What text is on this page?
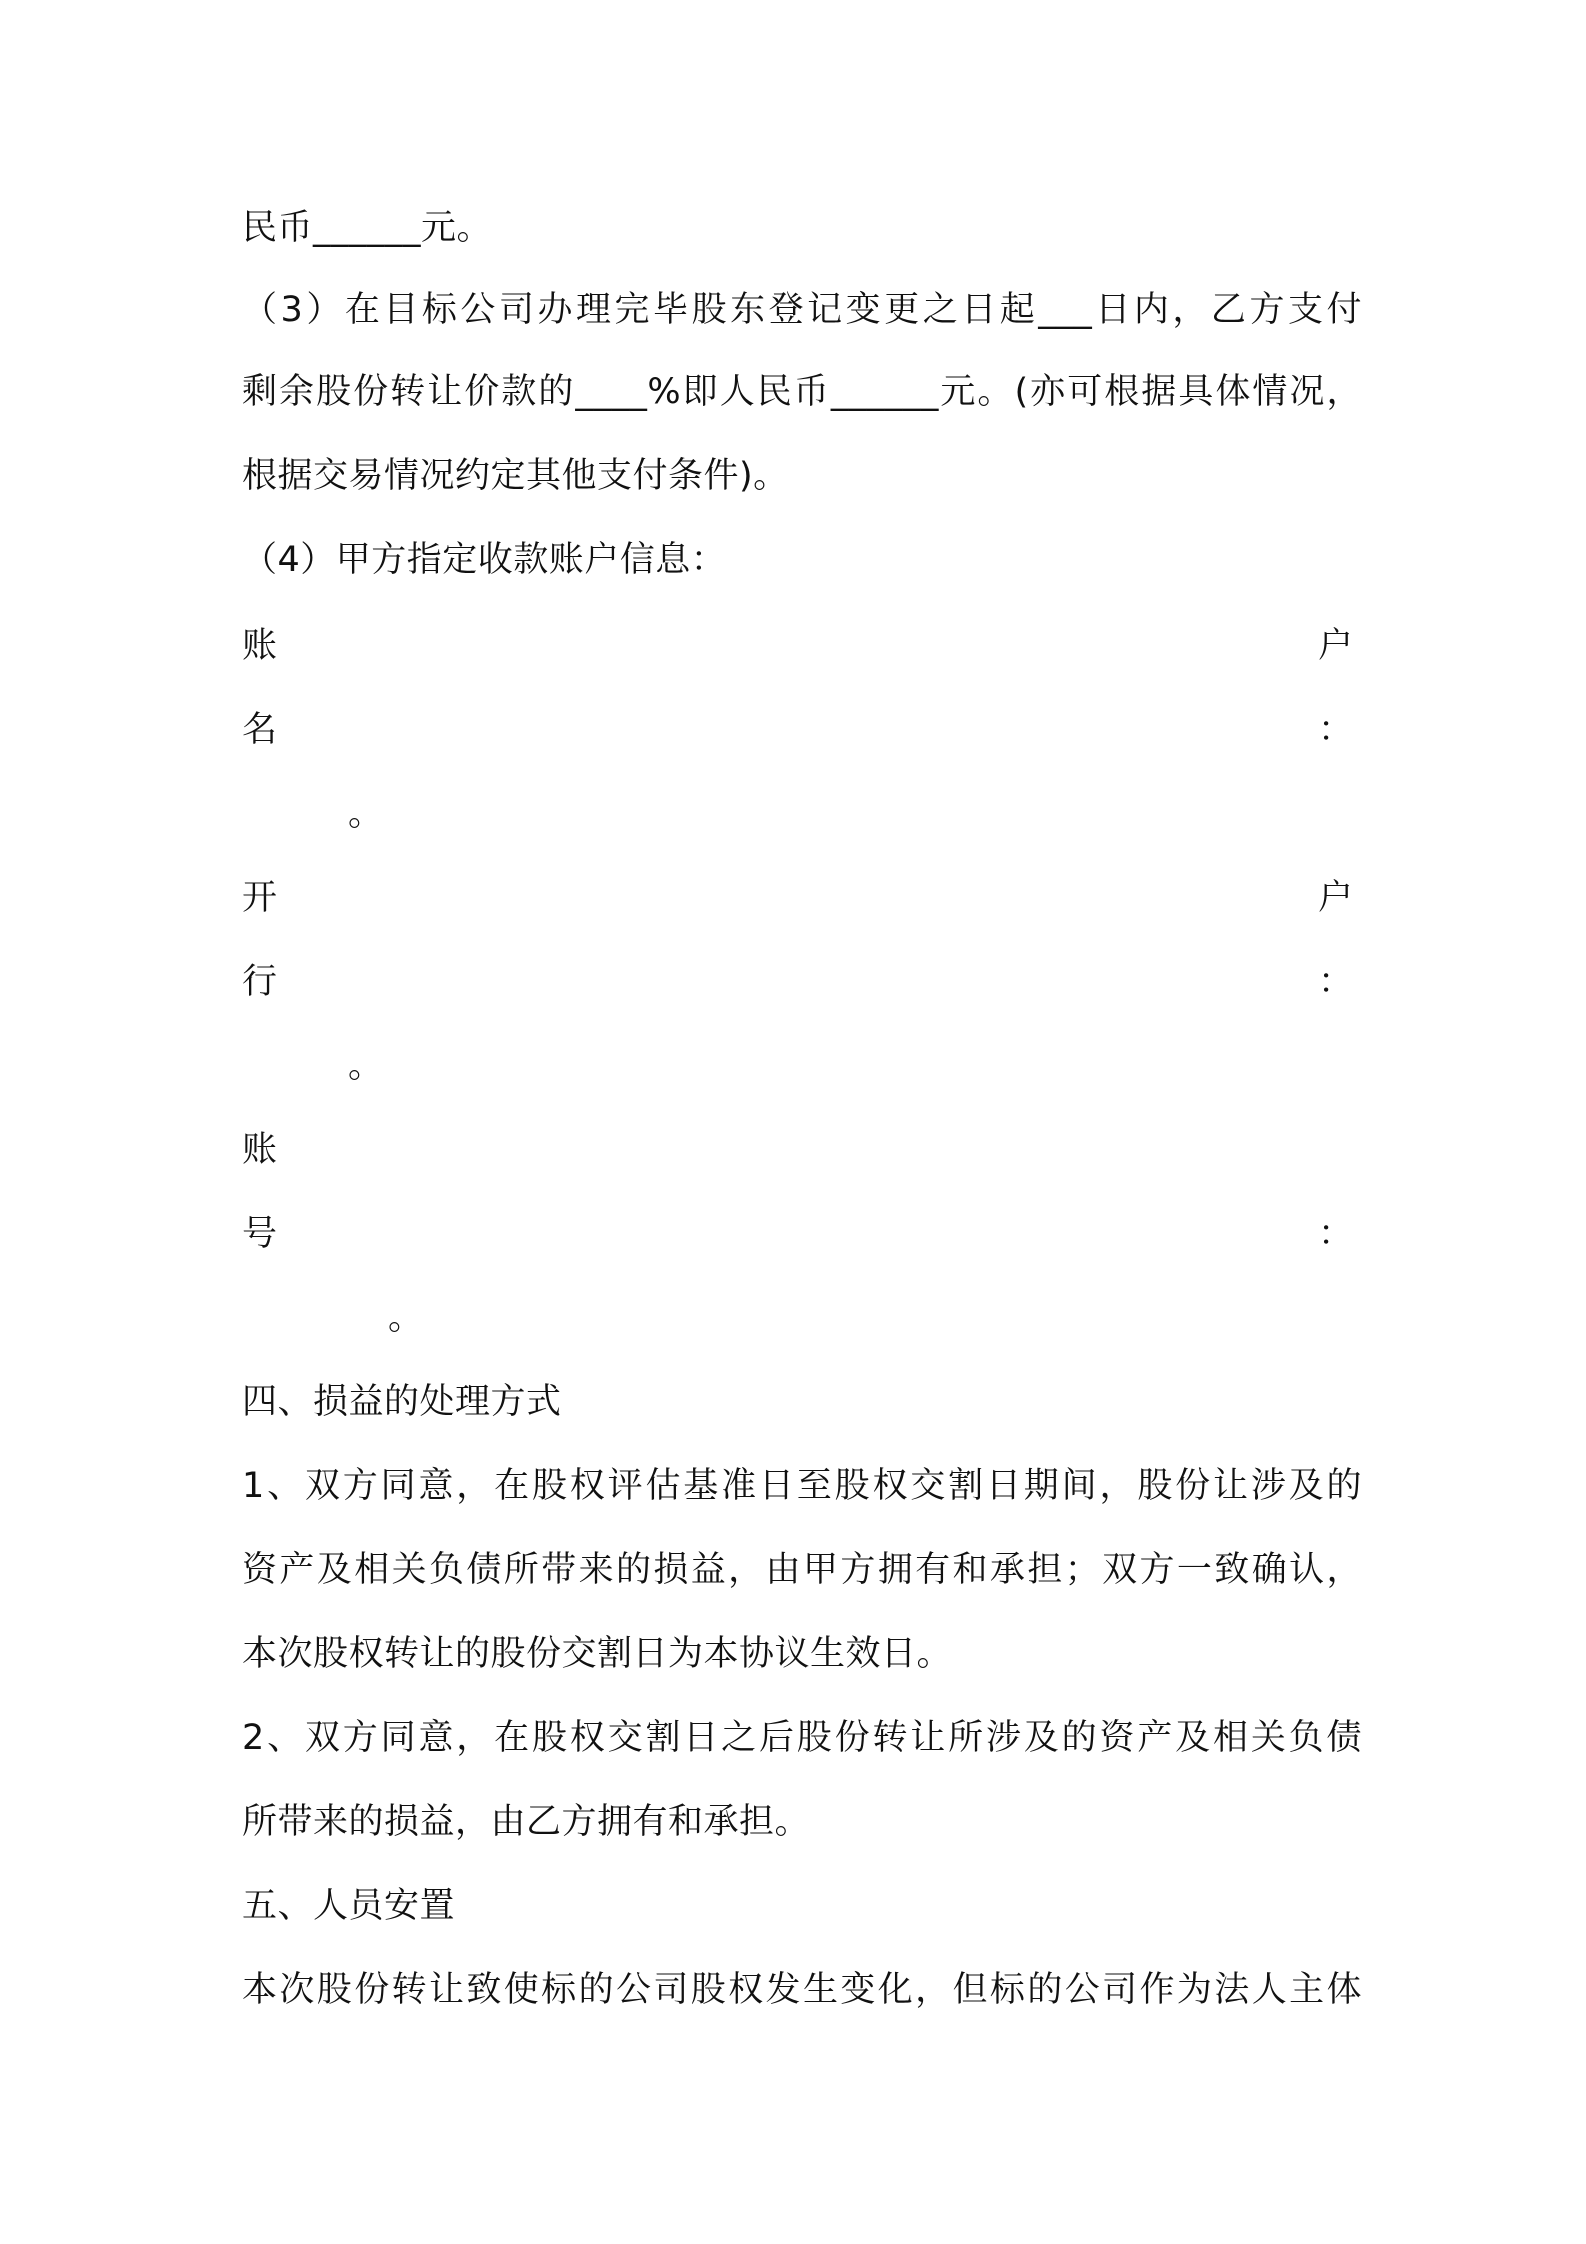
民币______元。
（3）在目标公司办理完毕股东登记变更之日起___日内，乙方支付
剩余股份转让价款的____%即人民币______元。(亦可根据具体情况，
根据交易情况约定其他支付条件)。
（4）甲方指定收款账户信息：
账	户
名	：
。
开	户
行	：
。
账
号	：
。
四、损益的处理方式
1、双方同意，在股权评估基准日至股权交割日期间，股份让涉及的
资产及相关负债所带来的损益，由甲方拥有和承担；双方一致确认，
本次股权转让的股份交割日为本协议生效日。
2、双方同意，在股权交割日之后股份转让所涉及的资产及相关负债
所带来的损益，由乙方拥有和承担。
五、人员安置
本次股份转让致使标的公司股权发生变化，但标的公司作为法人主体
